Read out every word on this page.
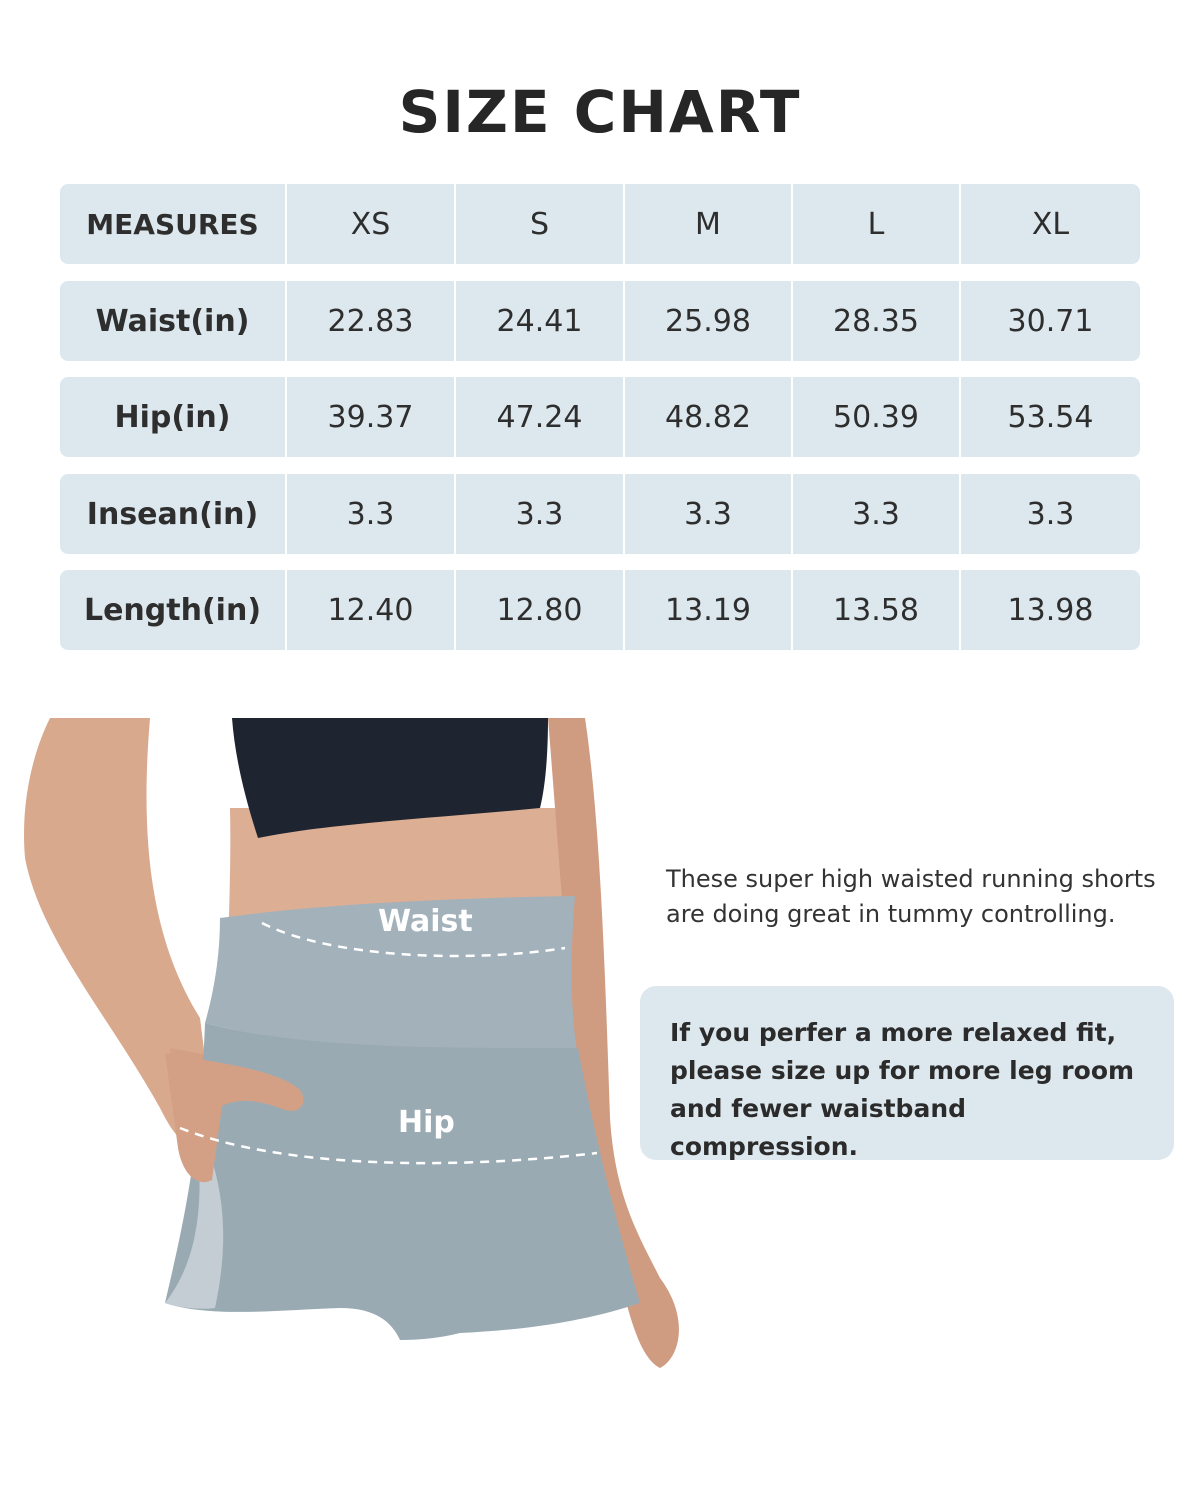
SIZE CHART
MEASURES	XS	S	M	L	XL
Waist(in)	22.83	24.41	25.98	28.35	30.71
Hip(in)	39.37	47.24	48.82	50.39	53.54
Insean(in)	3.3	3.3	3.3	3.3	3.3
Length(in)	12.40	12.80	13.19	13.58	13.98
Waist
Hip
These super high waisted running shorts are doing great in tummy controlling.
If you perfer a more relaxed fit, please size up for more leg room and fewer waistband compression.
